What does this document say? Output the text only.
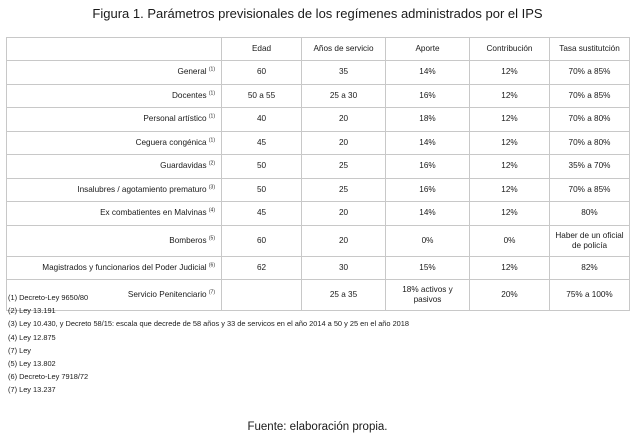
Figura 1. Parámetros previsionales de los regímenes administrados por el IPS
	Edad	Años de servicio	Aporte	Contribución	Tasa sustitutción
General $^{(1)}$	60	35	14%	12%	70% a 85%
Docentes $^{(1)}$	50 a 55	25 a 30	16%	12%	70% a 85%
Personal artístico $^{(1)}$	40	20	18%	12%	70% a 80%
Ceguera congénica $^{(1)}$	45	20	14%	12%	70% a 80%
Guardavidas $^{(2)}$	50	25	16%	12%	35% a 70%
Insalubres / agotamiento prematuro $^{(3)}$	50	25	16%	12%	70% a 85%
Ex combatientes en Malvinas $^{(4)}$	45	20	14%	12%	80%
Bomberos $^{(5)}$	60	20	0%	0%	Haber de un oficial de policía
Magistrados y funcionarios del Poder Judicial $^{(6)}$	62	30	15%	12%	82%
Servicio Penitenciario $^{(7)}$		25 a 35	18% activos y pasivos	20%	75% a 100%
(1) Decreto-Ley 9650/80
(2) Ley 13.191
(3) Ley 10.430, y Decreto 58/15: escala que decrede de 58 años y 33 de servicos en el año 2014 a 50 y 25 en el año 2018
(4) Ley 12.875
(7) Ley
(5) Ley 13.802
(6) Decreto-Ley 7918/72
(7) Ley 13.237
Fuente: elaboración propia.
